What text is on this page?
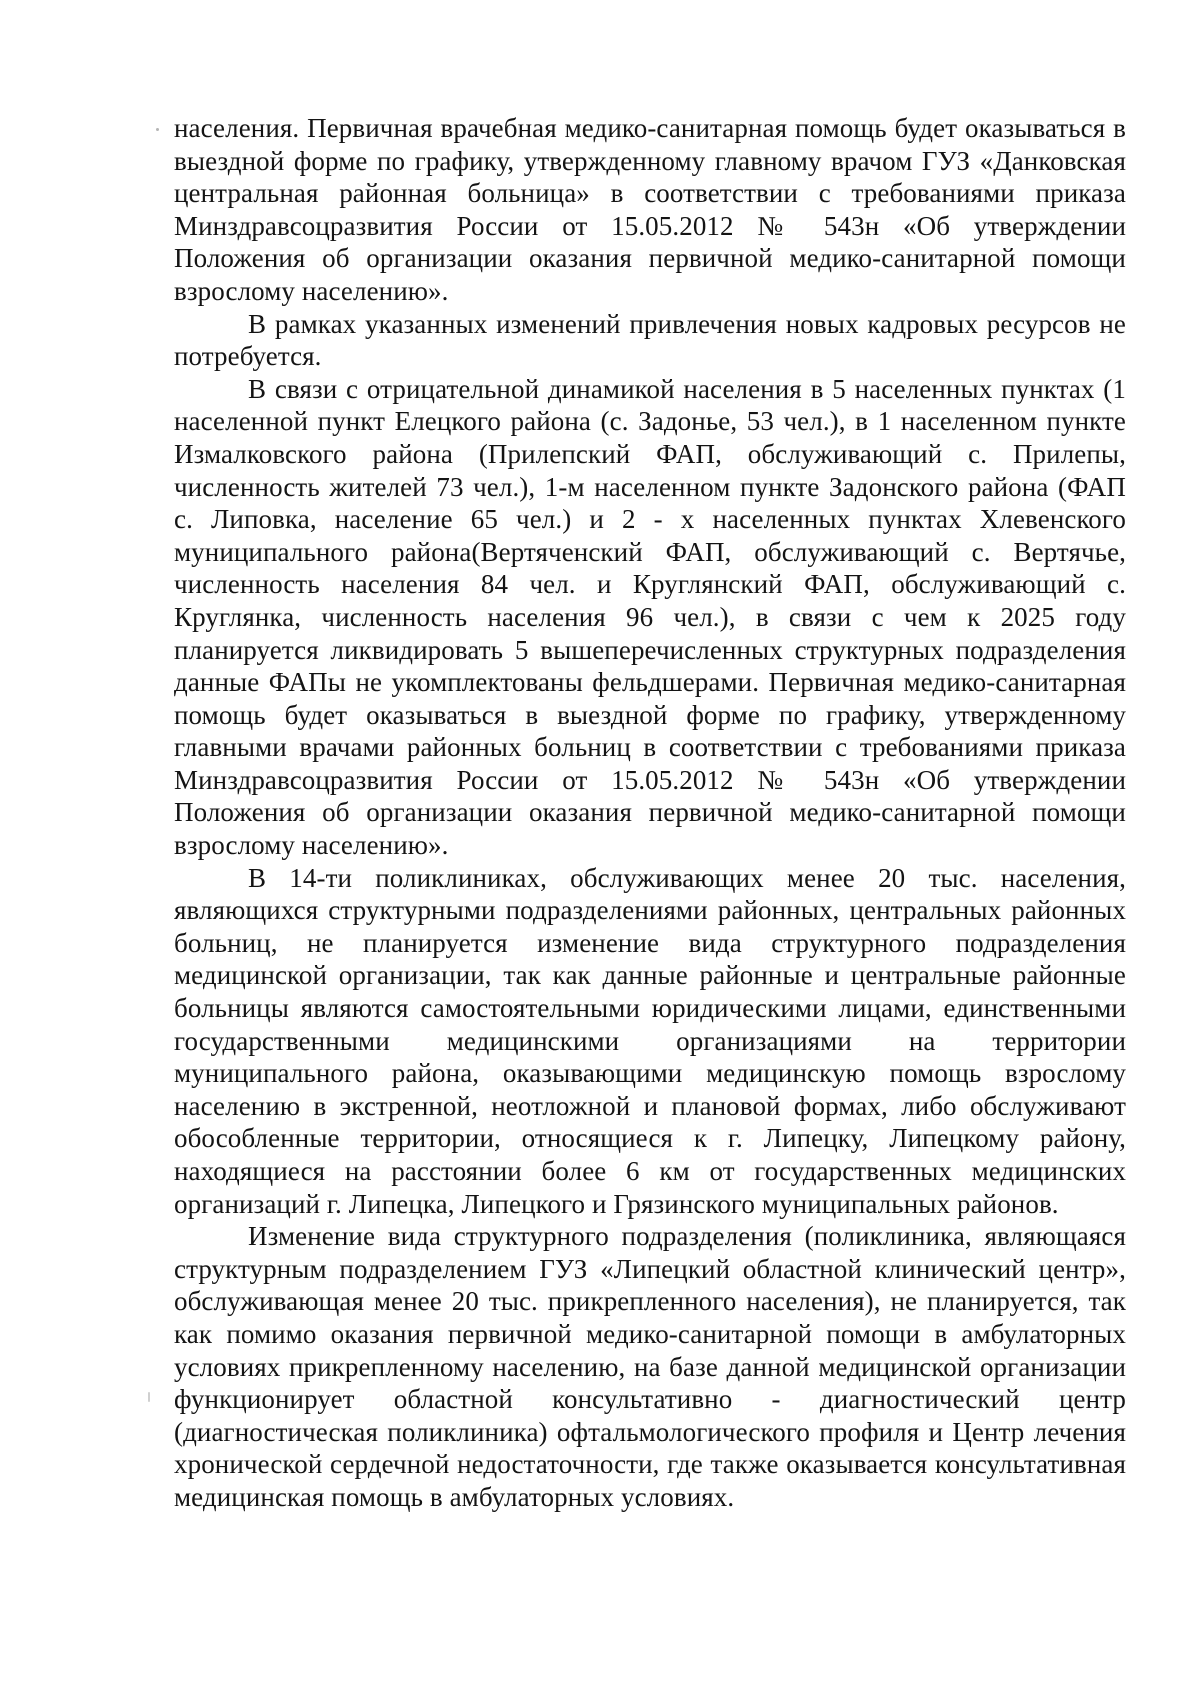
населения. Первичная врачебная медико-санитарная помощь будет оказываться в выездной форме по графику, утвержденному главному врачом ГУЗ «Данковская центральная районная больница» в соответствии с требованиями приказа Минздравсоцразвития России от 15.05.2012 № 543н «Об утверждении Положения об организации оказания первичной медико-санитарной помощи взрослому населению».

В рамках указанных изменений привлечения новых кадровых ресурсов не потребуется.

В связи с отрицательной динамикой населения в 5 населенных пунктах (1 населенной пункт Елецкого района (с. Задонье, 53 чел.), в 1 населенном пункте Измалковского района (Прилепский ФАП, обслуживающий с. Прилепы, численность жителей 73 чел.), 1-м населенном пункте Задонского района (ФАП с. Липовка, население 65 чел.) и 2 - х населенных пунктах Хлевенского муниципального района(Вертяченский ФАП, обслуживающий с. Вертячье, численность населения 84 чел. и Круглянский ФАП, обслуживающий с. Круглянка, численность населения 96 чел.), в связи с чем к 2025 году планируется ликвидировать 5 вышеперечисленных структурных подразделения данные ФАПы не укомплектованы фельдшерами. Первичная медико-санитарная помощь будет оказываться в выездной форме по графику, утвержденному главными врачами районных больниц в соответствии с требованиями приказа Минздравсоцразвития России от 15.05.2012 № 543н «Об утверждении Положения об организации оказания первичной медико-санитарной помощи взрослому населению».

В 14-ти поликлиниках, обслуживающих менее 20 тыс. населения, являющихся структурными подразделениями районных, центральных районных больниц, не планируется изменение вида структурного подразделения медицинской организации, так как данные районные и центральные районные больницы являются самостоятельными юридическими лицами, единственными государственными медицинскими организациями на территории муниципального района, оказывающими медицинскую помощь взрослому населению в экстренной, неотложной и плановой формах, либо обслуживают обособленные территории, относящиеся к г. Липецку, Липецкому району, находящиеся на расстоянии более 6 км от государственных медицинских организаций г. Липецка, Липецкого и Грязинского муниципальных районов.

Изменение вида структурного подразделения (поликлиника, являющаяся структурным подразделением ГУЗ «Липецкий областной клинический центр», обслуживающая менее 20 тыс. прикрепленного населения), не планируется, так как помимо оказания первичной медико-санитарной помощи в амбулаторных условиях прикрепленному населению, на базе данной медицинской организации функционирует областной консультативно - диагностический центр (диагностическая поликлиника) офтальмологического профиля и Центр лечения хронической сердечной недостаточности, где также оказывается консультативная медицинская помощь в амбулаторных условиях.
